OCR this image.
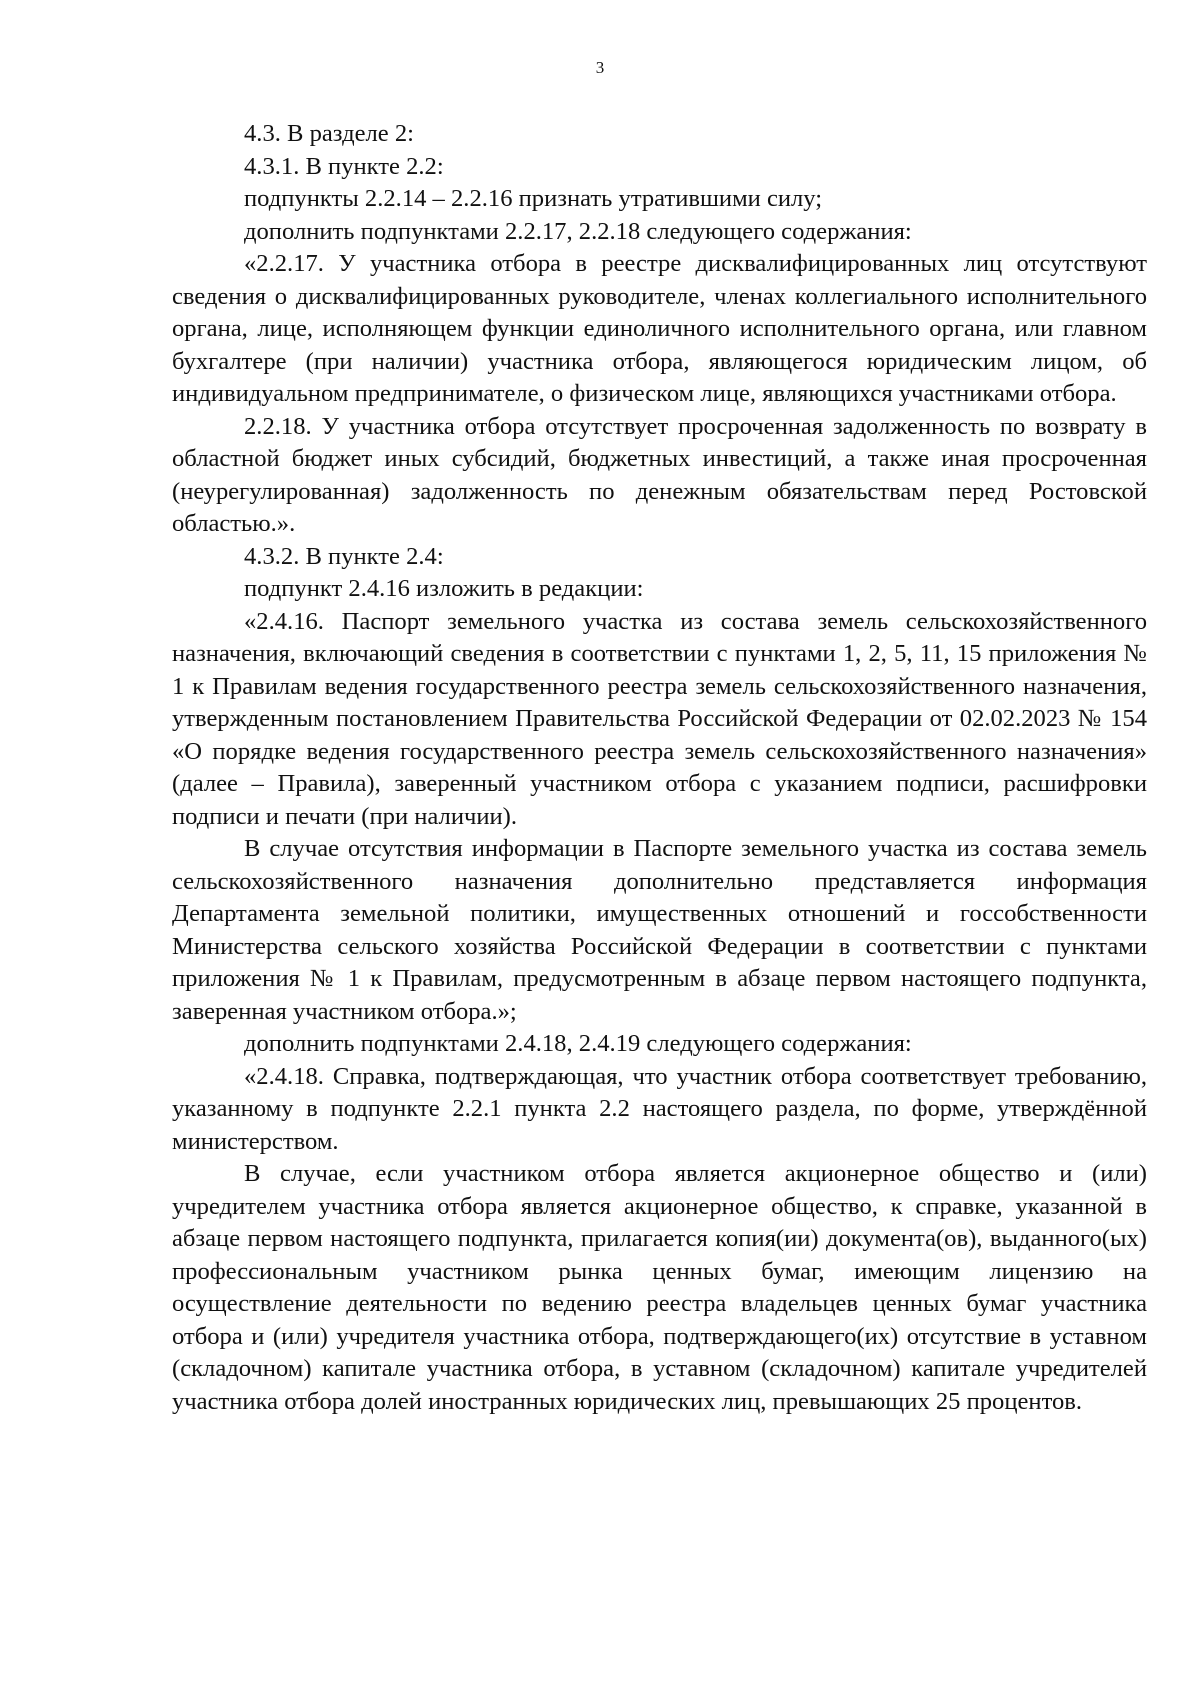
3

4.3. В разделе 2:

4.3.1. В пункте 2.2:

подпункты 2.2.14 – 2.2.16 признать утратившими силу;

дополнить подпунктами 2.2.17, 2.2.18 следующего содержания:

«2.2.17. У участника отбора в реестре дисквалифицированных лиц отсутствуют сведения о дисквалифицированных руководителе, членах коллегиального исполнительного органа, лице, исполняющем функции единоличного исполнительного органа, или главном бухгалтере (при наличии) участника отбора, являющегося юридическим лицом, об индивидуальном предпринимателе, о физическом лице, являющихся участниками отбора.

2.2.18. У участника отбора отсутствует просроченная задолженность по возврату в областной бюджет иных субсидий, бюджетных инвестиций, а также иная просроченная (неурегулированная) задолженность по денежным обязательствам перед Ростовской областью.».

4.3.2. В пункте 2.4:

подпункт 2.4.16 изложить в редакции:

«2.4.16. Паспорт земельного участка из состава земель сельскохозяйственного назначения, включающий сведения в соответствии с пунктами 1, 2, 5, 11, 15 приложения № 1 к Правилам ведения государственного реестра земель сельскохозяйственного назначения, утвержденным постановлением Правительства Российской Федерации от 02.02.2023 № 154 «О порядке ведения государственного реестра земель сельскохозяйственного назначения» (далее – Правила), заверенный участником отбора с указанием подписи, расшифровки подписи и печати (при наличии).

В случае отсутствия информации в Паспорте земельного участка из состава земель сельскохозяйственного назначения дополнительно представляется информация Департамента земельной политики, имущественных отношений и госсобственности Министерства сельского хозяйства Российской Федерации в соответствии с пунктами приложения № 1 к Правилам, предусмотренным в абзаце первом настоящего подпункта, заверенная участником отбора.»;

дополнить подпунктами 2.4.18, 2.4.19 следующего содержания:

«2.4.18. Справка, подтверждающая, что участник отбора соответствует требованию, указанному в подпункте 2.2.1 пункта 2.2 настоящего раздела, по форме, утверждённой министерством.

В случае, если участником отбора является акционерное общество и (или) учредителем участника отбора является акционерное общество, к справке, указанной в абзаце первом настоящего подпункта, прилагается копия(ии) документа(ов), выданного(ых) профессиональным участником рынка ценных бумаг, имеющим лицензию на осуществление деятельности по ведению реестра владельцев ценных бумаг участника отбора и (или) учредителя участника отбора, подтверждающего(их) отсутствие в уставном (складочном) капитале участника отбора, в уставном (складочном) капитале учредителей участника отбора долей иностранных юридических лиц, превышающих 25 процентов.
